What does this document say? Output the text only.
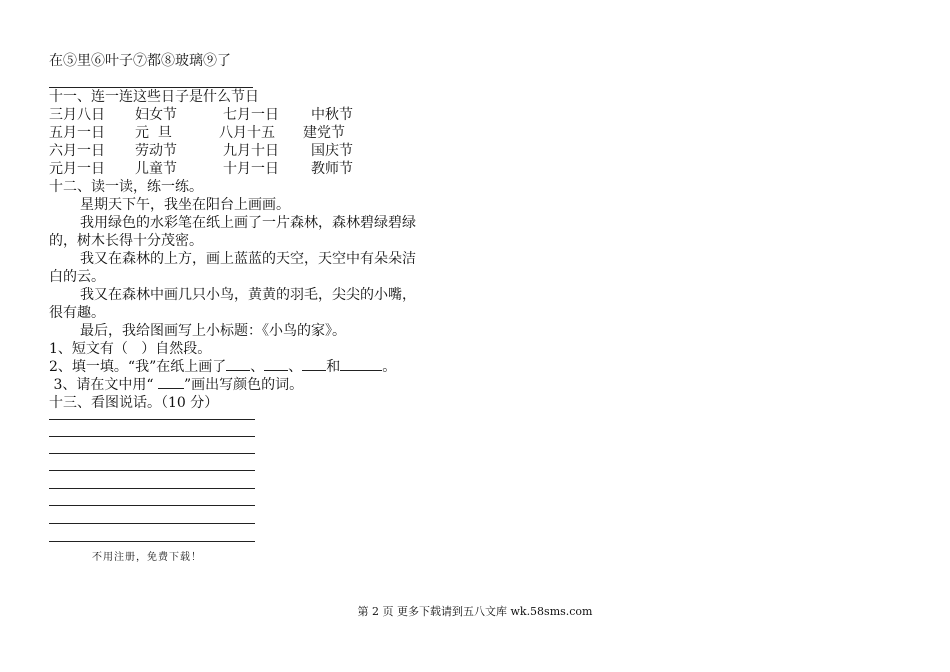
在⑤里⑥叶子⑦都⑧玻璃⑨了
十一、连一连这些日子是什么节日
三月八日 妇女节	七月一日 中秋节
五月一日 元  旦	八月十五 建党节
六月一日 劳动节	九月十日 国庆节
元月一日 儿童节	十月一日 教师节
十二、读一读，练一练。
星期天下午，我坐在阳台上画画。
我用绿色的水彩笔在纸上画了一片森林，森林碧绿碧绿
的，树木长得十分茂密。
我又在森林的上方，画上蓝蓝的天空，天空中有朵朵洁
白的云。
我又在森林中画几只小鸟，黄黄的羽毛，尖尖的小嘴，
很有趣。
最后，我给图画写上小标题：《小鸟的家》。
1、短文有（   ）自然段。
2、填一填。“我”在纸上画了 、 、 和	。
3、请在文中用“ ”画出写颜色的词。
十三、看图说话。（10 分）
不用注册，免费下载！
第 2 页 更多下载请到五八文库 wk.58sms.com
